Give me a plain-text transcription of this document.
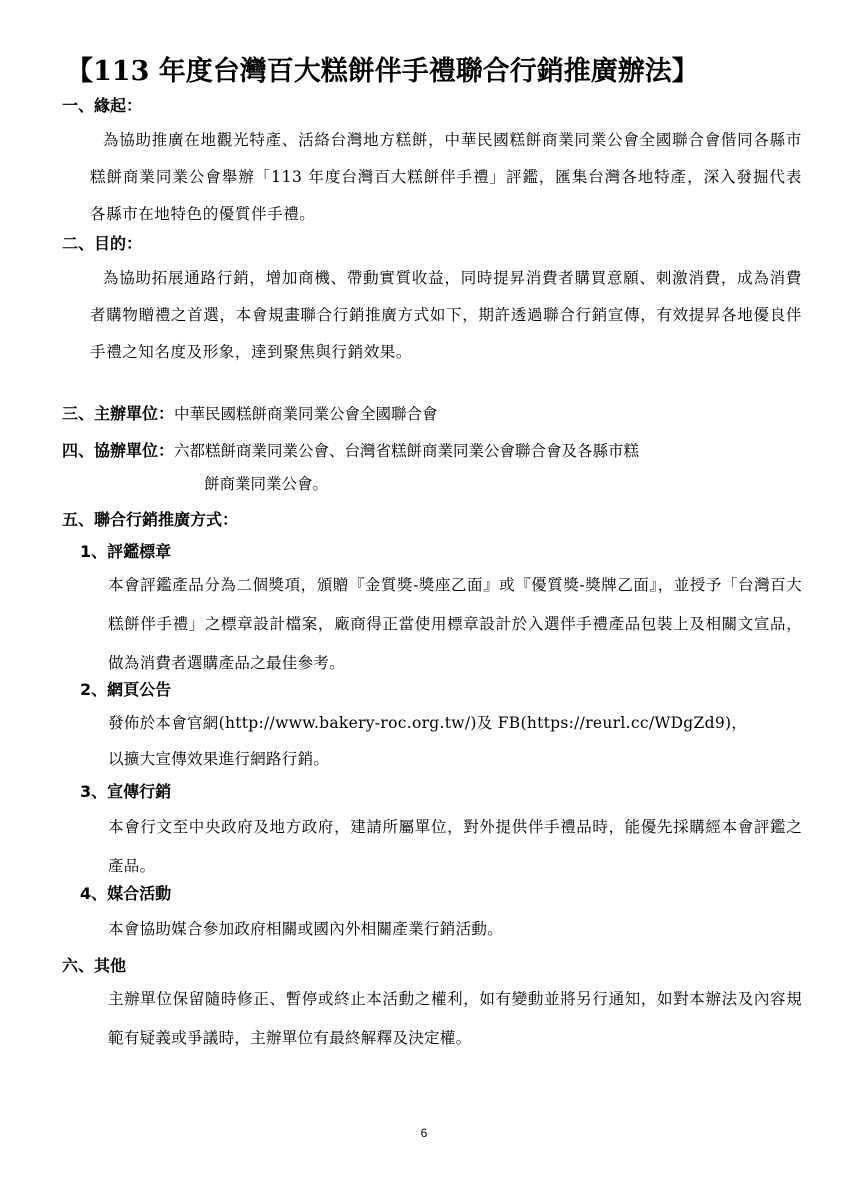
【113 年度台灣百大糕餅伴手禮聯合行銷推廣辦法】
一、緣起：
為協助推廣在地觀光特產、活絡台灣地方糕餅，中華民國糕餅商業同業公會全國聯合會偕同各縣市糕餅商業同業公會舉辦「113 年度台灣百大糕餅伴手禮」評鑑，匯集台灣各地特產，深入發掘代表各縣市在地特色的優質伴手禮。
二、目的：
為協助拓展通路行銷，增加商機、帶動實質收益，同時提昇消費者購買意願、刺激消費，成為消費者購物贈禮之首選，本會規畫聯合行銷推廣方式如下，期許透過聯合行銷宣傳，有效提昇各地優良伴手禮之知名度及形象，達到聚焦與行銷效果。
三、主辦單位：中華民國糕餅商業同業公會全國聯合會
四、協辦單位：六都糕餅商業同業公會、台灣省糕餅商業同業公會聯合會及各縣市糕
餅商業同業公會。
五、聯合行銷推廣方式：
1、評鑑標章
本會評鑑產品分為二個獎項，頒贈『金質獎-獎座乙面』或『優質獎-獎牌乙面』，並授予「台灣百大糕餅伴手禮」之標章設計檔案，廠商得正當使用標章設計於入選伴手禮產品包裝上及相關文宣品，做為消費者選購產品之最佳參考。
2、網頁公告
發佈於本會官網(http://www.bakery-roc.org.tw/)及 FB(https://reurl.cc/WDgZd9)，
以擴大宣傳效果進行網路行銷。
3、宣傳行銷
本會行文至中央政府及地方政府，建請所屬單位，對外提供伴手禮品時，能優先採購經本會評鑑之產品。
4、媒合活動
本會協助媒合參加政府相關或國內外相關產業行銷活動。
六、其他
主辦單位保留隨時修正、暫停或終止本活動之權利，如有變動並將另行通知，如對本辦法及內容規範有疑義或爭議時，主辦單位有最終解釋及決定權。
6
